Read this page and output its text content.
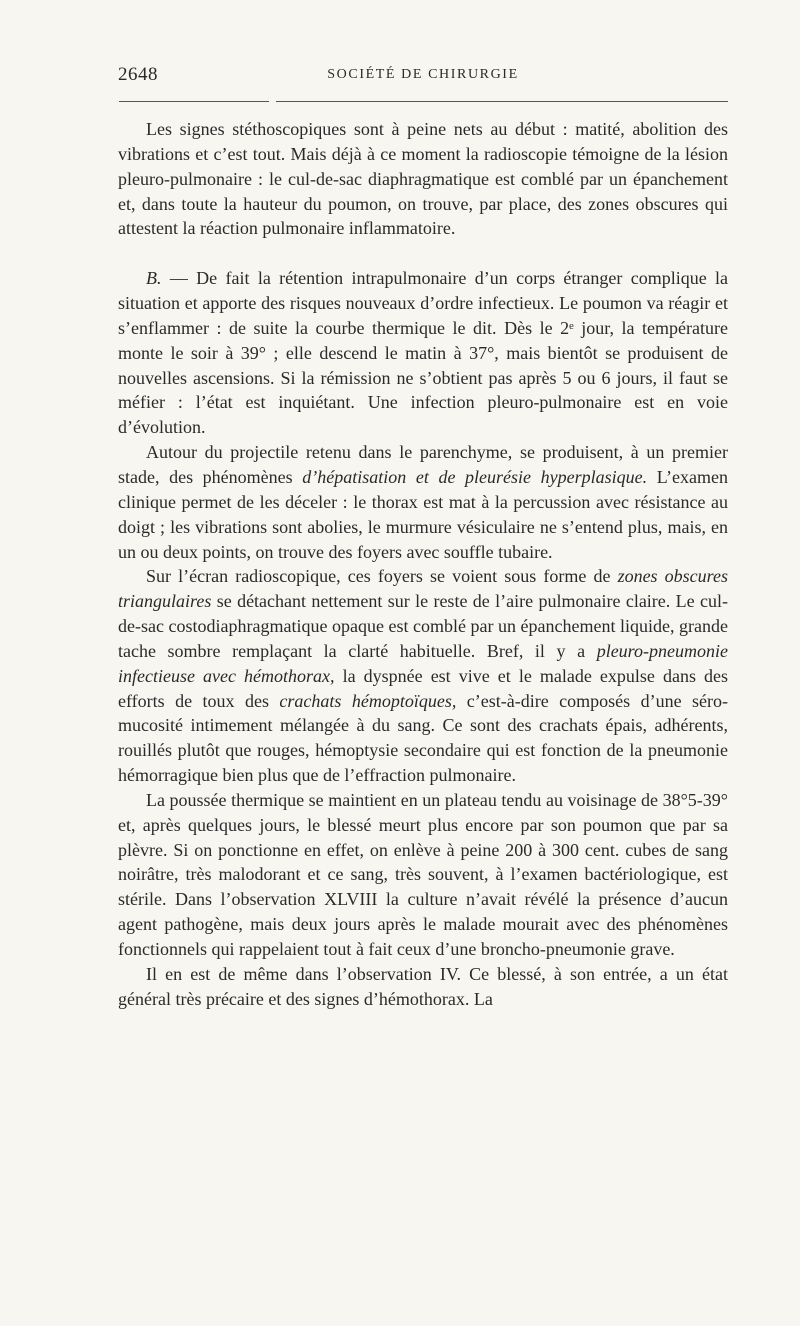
2648	SOCIÉTÉ DE CHIRURGIE

Les signes stéthoscopiques sont à peine nets au début : matité, abolition des vibrations et c’est tout. Mais déjà à ce moment la radioscopie témoigne de la lésion pleuro-pulmonaire : le cul-de-sac diaphragmatique est comblé par un épanchement et, dans toute la hauteur du poumon, on trouve, par place, des zones obscures qui attestent la réaction pulmonaire inflammatoire.

B. — De fait la rétention intrapulmonaire d’un corps étranger complique la situation et apporte des risques nouveaux d’ordre infectieux. Le poumon va réagir et s’enflammer : de suite la courbe thermique le dit. Dès le 2ᵉ jour, la température monte le soir à 39° ; elle descend le matin à 37°, mais bientôt se produisent de nouvelles ascensions. Si la rémission ne s’obtient pas après 5 ou 6 jours, il faut se méfier : l’état est inquiétant. Une infection pleuro-pulmonaire est en voie d’évolution.

Autour du projectile retenu dans le parenchyme, se produisent, à un premier stade, des phénomènes d’hépatisation et de pleurésie hyperplasique. L’examen clinique permet de les déceler : le thorax est mat à la percussion avec résistance au doigt ; les vibrations sont abolies, le murmure vésiculaire ne s’entend plus, mais, en un ou deux points, on trouve des foyers avec souffle tubaire.

Sur l’écran radioscopique, ces foyers se voient sous forme de zones obscures triangulaires se détachant nettement sur le reste de l’aire pulmonaire claire. Le cul-de-sac costodiaphragmatique opaque est comblé par un épanchement liquide, grande tache sombre remplaçant la clarté habituelle. Bref, il y a pleuro-pneumonie infectieuse avec hémothorax, la dyspnée est vive et le malade expulse dans des efforts de toux des crachats hémoptoïques, c’est-à-dire composés d’une séro-mucosité intimement mélangée à du sang. Ce sont des crachats épais, adhérents, rouillés plutôt que rouges, hémoptysie secondaire qui est fonction de la pneumonie hémorragique bien plus que de l’effraction pulmonaire.

La poussée thermique se maintient en un plateau tendu au voisinage de 38°5-39° et, après quelques jours, le blessé meurt plus encore par son poumon que par sa plèvre. Si on ponctionne en effet, on enlève à peine 200 à 300 cent. cubes de sang noirâtre, très malodorant et ce sang, très souvent, à l’examen bactériologique, est stérile. Dans l’observation XLVIII la culture n’avait révélé la présence d’aucun agent pathogène, mais deux jours après le malade mourait avec des phénomènes fonctionnels qui rappelaient tout à fait ceux d’une broncho-pneumonie grave.

Il en est de même dans l’observation IV. Ce blessé, à son entrée, a un état général très précaire et des signes d’hémothorax. La
